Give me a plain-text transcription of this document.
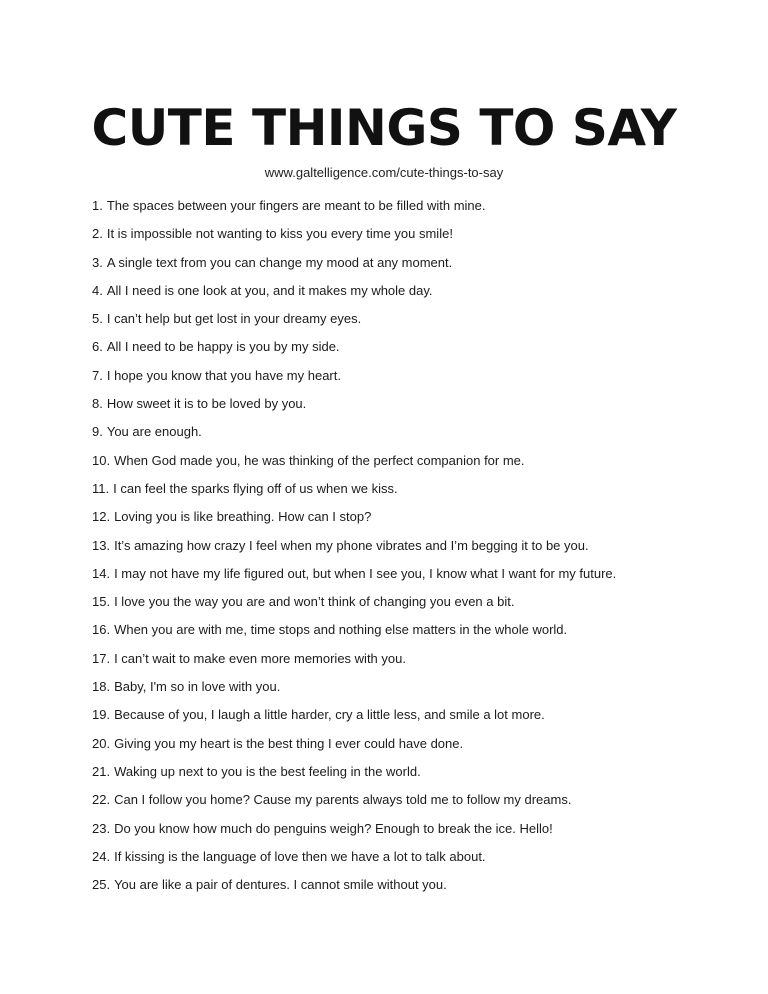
CUTE THINGS TO SAY
www.galtelligence.com/cute-things-to-say
1. The spaces between your fingers are meant to be filled with mine.
2. It is impossible not wanting to kiss you every time you smile!
3. A single text from you can change my mood at any moment.
4. All I need is one look at you, and it makes my whole day.
5. I can’t help but get lost in your dreamy eyes.
6. All I need to be happy is you by my side.
7. I hope you know that you have my heart.
8. How sweet it is to be loved by you.
9. You are enough.
10. When God made you, he was thinking of the perfect companion for me.
11. I can feel the sparks flying off of us when we kiss.
12. Loving you is like breathing. How can I stop?
13. It’s amazing how crazy I feel when my phone vibrates and I’m begging it to be you.
14. I may not have my life figured out, but when I see you, I know what I want for my future.
15. I love you the way you are and won’t think of changing you even a bit.
16. When you are with me, time stops and nothing else matters in the whole world.
17. I can’t wait to make even more memories with you.
18. Baby, I'm so in love with you.
19. Because of you, I laugh a little harder, cry a little less, and smile a lot more.
20. Giving you my heart is the best thing I ever could have done.
21. Waking up next to you is the best feeling in the world.
22. Can I follow you home? Cause my parents always told me to follow my dreams.
23. Do you know how much do penguins weigh? Enough to break the ice. Hello!
24. If kissing is the language of love then we have a lot to talk about.
25. You are like a pair of dentures. I cannot smile without you.
